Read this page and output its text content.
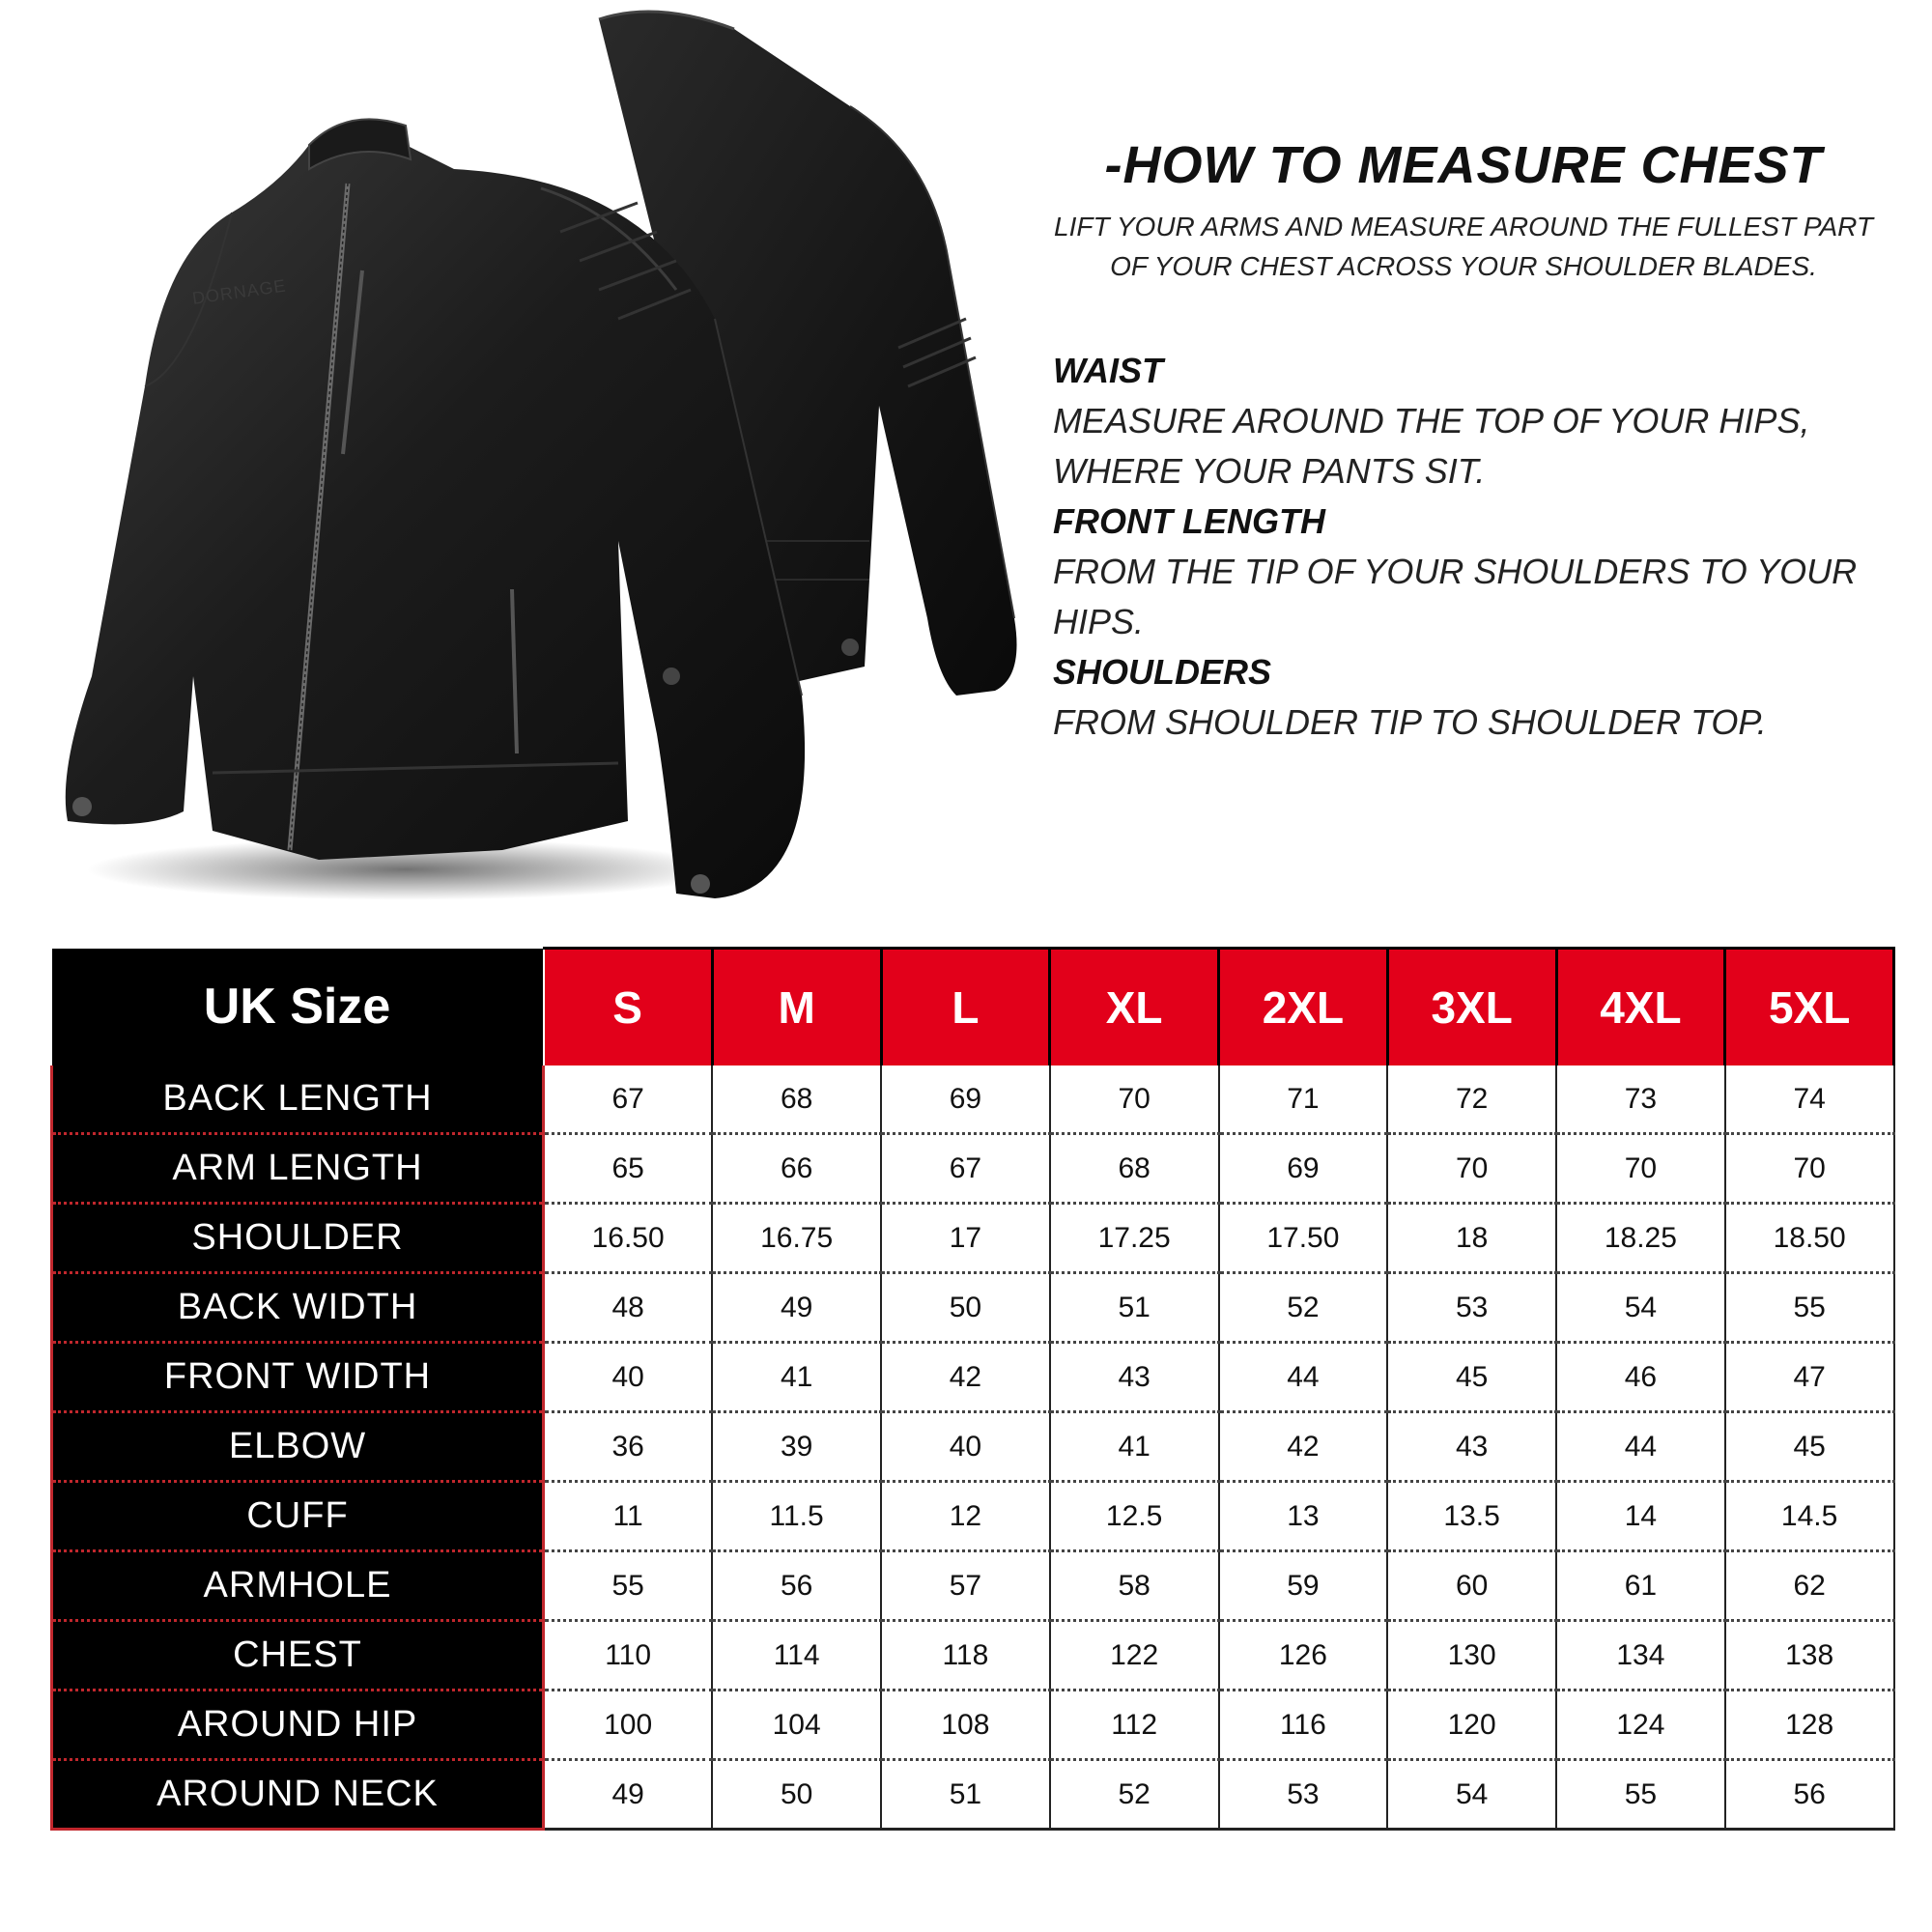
DORNAGE
-HOW TO MEASURE CHEST
LIFT YOUR ARMS AND MEASURE AROUND THE FULLEST PART
OF YOUR CHEST ACROSS YOUR SHOULDER BLADES.
WAIST
MEASURE AROUND THE TOP OF YOUR HIPS, WHERE YOUR PANTS SIT.
FRONT LENGTH
FROM THE TIP OF YOUR SHOULDERS TO YOUR HIPS.
SHOULDERS
FROM SHOULDER TIP TO SHOULDER TOP.
UK Size	S	M	L	XL	2XL	3XL	4XL	5XL
BACK LENGTH	67	68	69	70	71	72	73	74
ARM LENGTH	65	66	67	68	69	70	70	70
SHOULDER	16.50	16.75	17	17.25	17.50	18	18.25	18.50
BACK WIDTH	48	49	50	51	52	53	54	55
FRONT WIDTH	40	41	42	43	44	45	46	47
ELBOW	36	39	40	41	42	43	44	45
CUFF	11	11.5	12	12.5	13	13.5	14	14.5
ARMHOLE	55	56	57	58	59	60	61	62
CHEST	110	114	118	122	126	130	134	138
AROUND HIP	100	104	108	112	116	120	124	128
AROUND NECK	49	50	51	52	53	54	55	56
